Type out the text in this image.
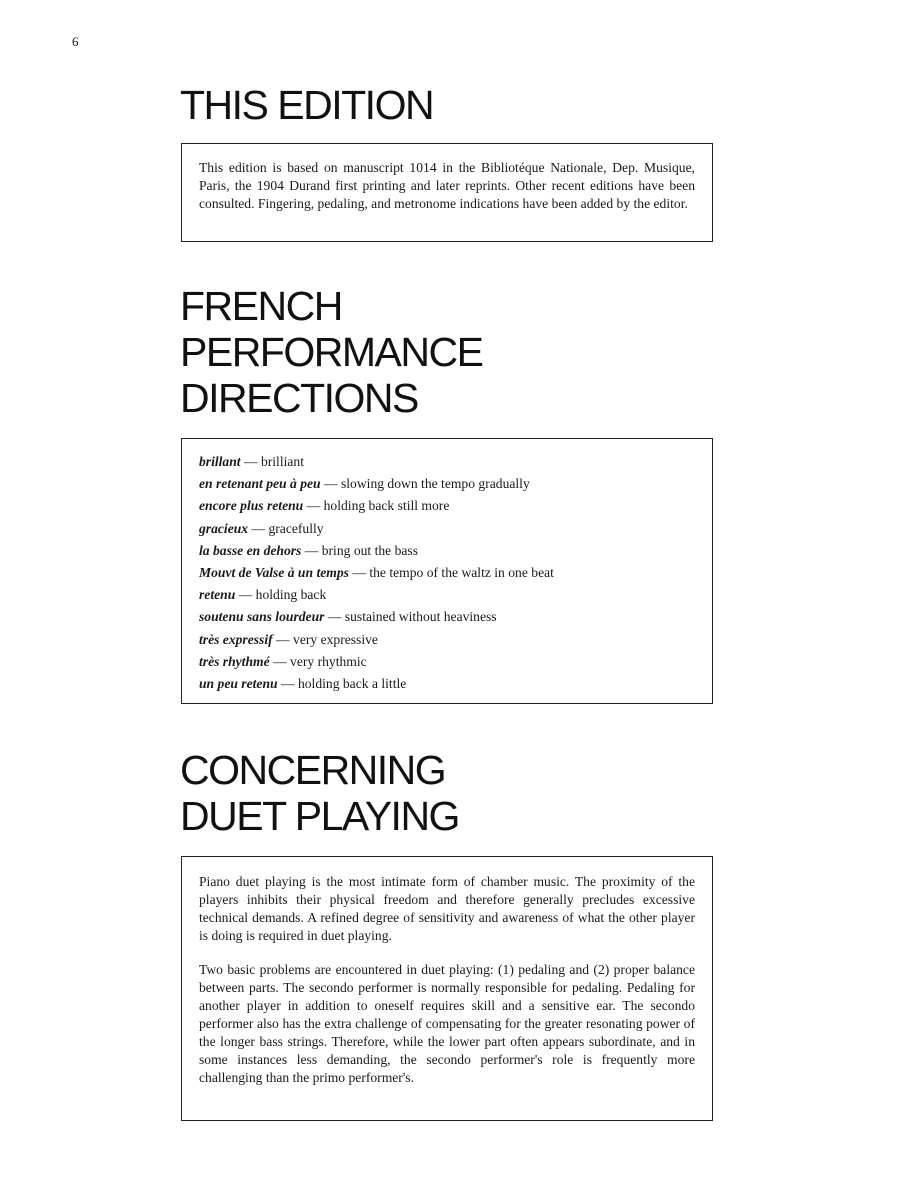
6
THIS EDITION

This edition is based on manuscript 1014 in the Bibliotéque Nationale, Dep. Musique, Paris, the 1904 Durand first printing and later reprints. Other recent editions have been consulted. Fingering, pedaling, and metronome indications have been added by the editor.

FRENCH
PERFORMANCE
DIRECTIONS
brillant — brilliant
en retenant peu à peu — slowing down the tempo gradually
encore plus retenu — holding back still more
gracieux — gracefully
la basse en dehors — bring out the bass
Mouvt de Valse à un temps — the tempo of the waltz in one beat
retenu — holding back
soutenu sans lourdeur — sustained without heaviness
très expressif — very expressive
très rhythmé — very rhythmic
un peu retenu — holding back a little
CONCERNING
DUET PLAYING

Piano duet playing is the most intimate form of chamber music. The proximity of the players inhibits their physical freedom and therefore generally precludes excessive technical demands. A refined degree of sensitivity and awareness of what the other player is doing is required in duet playing.

Two basic problems are encountered in duet playing: (1) pedaling and (2) proper balance between parts. The secondo performer is normally responsible for pedaling. Pedaling for another player in addition to oneself requires skill and a sensitive ear. The secondo performer also has the extra challenge of compensating for the greater resonating power of the longer bass strings. Therefore, while the lower part often appears subordinate, and in some instances less demanding, the secondo performer's role is frequently more challenging than the primo performer's.
